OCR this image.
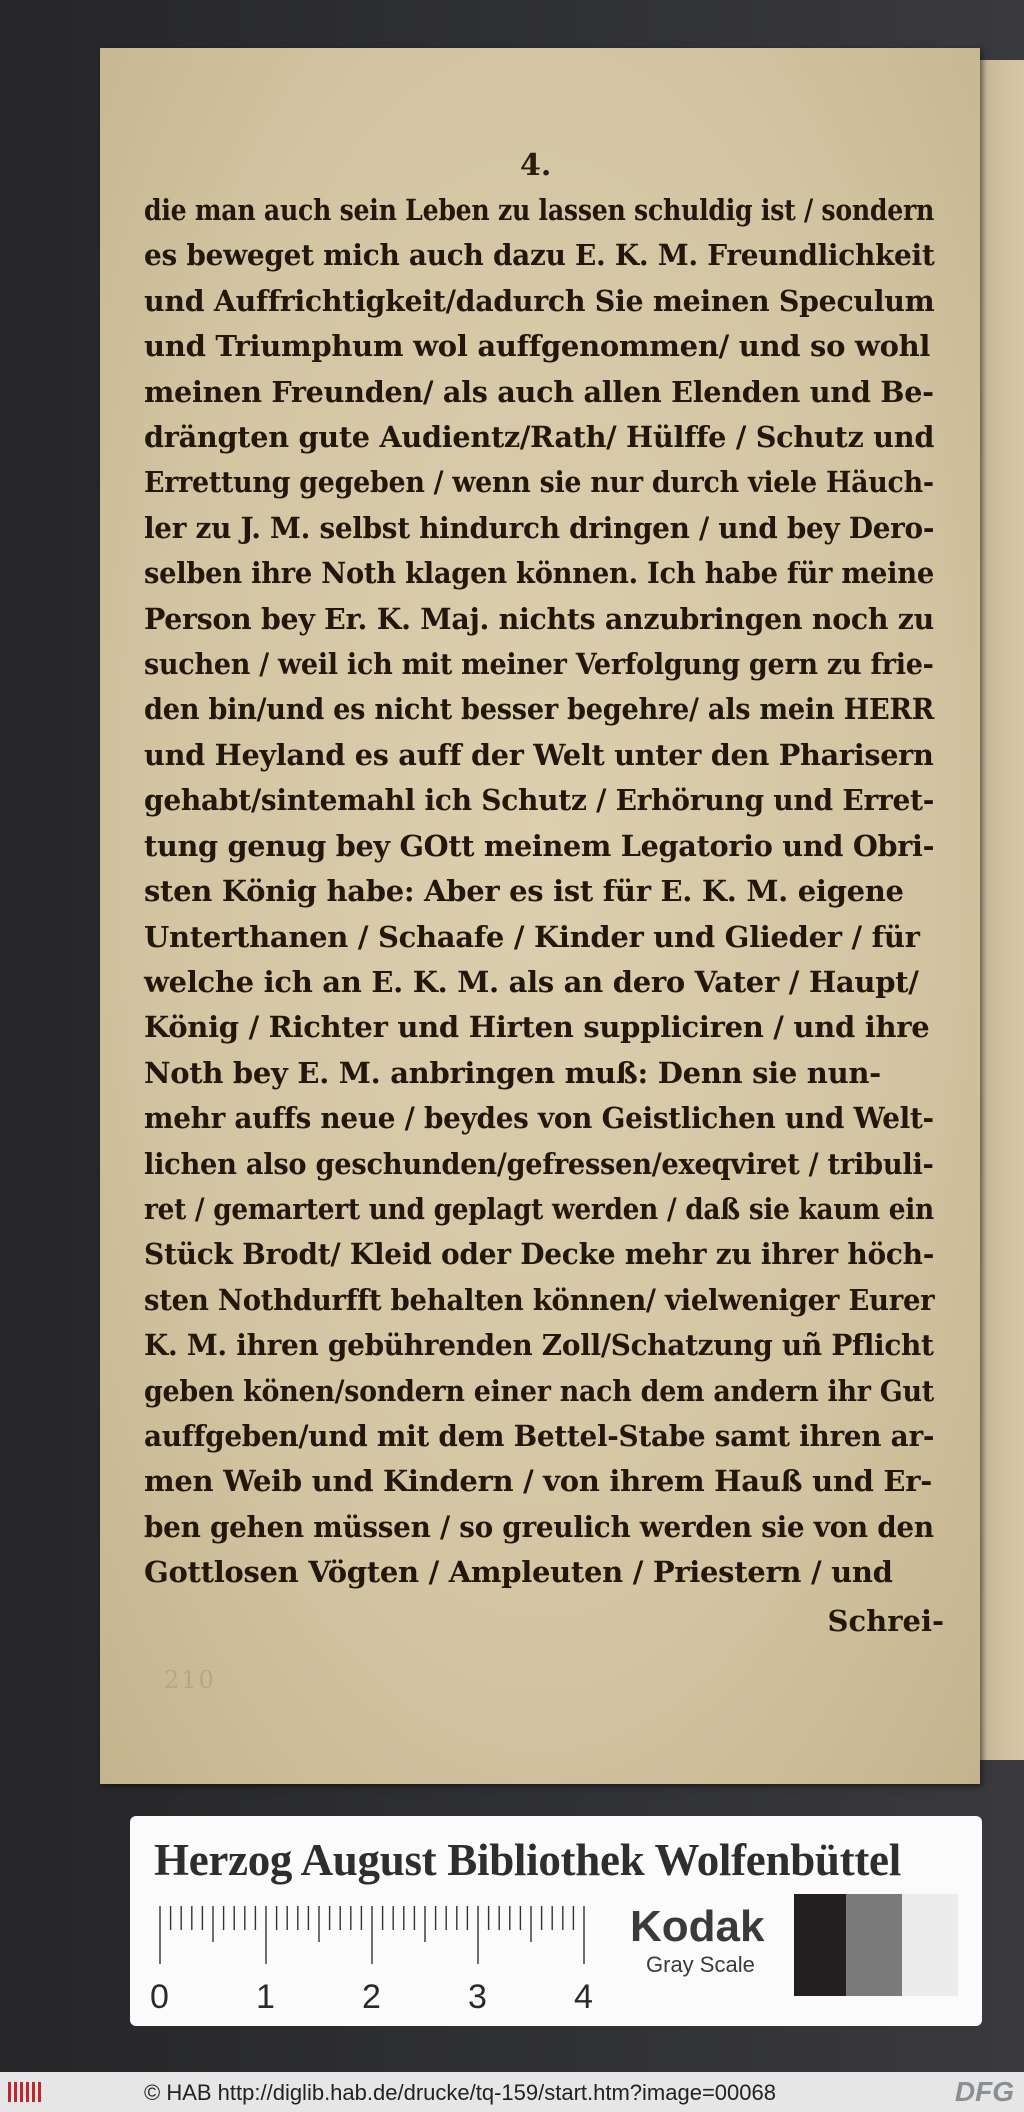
4.
die man auch sein Leben zu lassen schuldig ist / sondern
es beweget mich auch dazu E. K. M. Freundlichkeit
und Auffrichtigkeit/dadurch Sie meinen Speculum
und Triumphum wol auffgenommen/ und so wohl
meinen Freunden/ als auch allen Elenden und Be-
drängten gute Audientz/Rath/ Hülffe / Schutz und
Errettung gegeben / wenn sie nur durch viele Häuch-
ler zu J. M. selbst hindurch dringen / und bey Dero-
selben ihre Noth klagen können. Ich habe für meine
Person bey Er. K. Maj. nichts anzubringen noch zu
suchen / weil ich mit meiner Verfolgung gern zu frie-
den bin/und es nicht besser begehre/ als mein HERR
und Heyland es auff der Welt unter den Pharisern
gehabt/sintemahl ich Schutz / Erhörung und Erret-
tung genug bey GOtt meinem Legatorio und Obri-
sten König habe: Aber es ist für E. K. M. eigene
Unterthanen / Schaafe / Kinder und Glieder / für
welche ich an E. K. M. als an dero Vater / Haupt/
König / Richter und Hirten suppliciren / und ihre
Noth bey E. M. anbringen muß: Denn sie nun-
mehr auffs neue / beydes von Geistlichen und Welt-
lichen also geschunden/gefressen/exeqviret / tribuli-
ret / gemartert und geplagt werden / daß sie kaum ein
Stück Brodt/ Kleid oder Decke mehr zu ihrer höch-
sten Nothdurfft behalten können/ vielweniger Eurer
K. M. ihren gebührenden Zoll/Schatzung uñ Pflicht
geben könen/sondern einer nach dem andern ihr Gut
auffgeben/und mit dem Bettel-Stabe samt ihren ar-
men Weib und Kindern / von ihrem Hauß und Er-
ben gehen müssen / so greulich werden sie von den
Gottlosen Vögten / Ampleuten / Priestern / und
Schrei-
210
Herzog August Bibliothek Wolfenbüttel
0	1	2	3	4
Kodak
Gray Scale
© HAB http://diglib.hab.de/drucke/tq-159/start.htm?image=00068	DFG
